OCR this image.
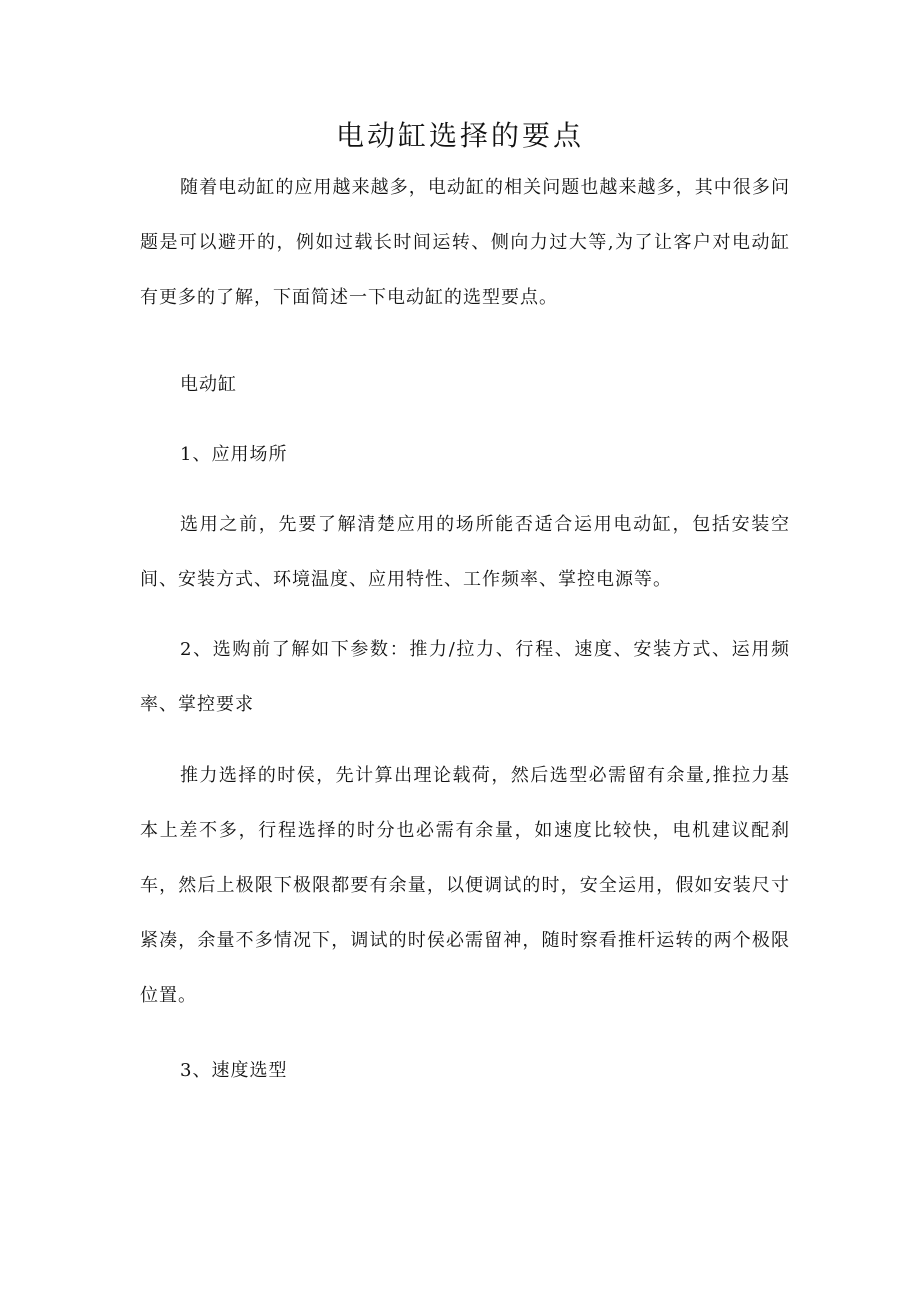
电动缸选择的要点

随着电动缸的应用越来越多，电动缸的相关问题也越来越多，其中很多问题是可以避开的，例如过载长时间运转、侧向力过大等,为了让客户对电动缸有更多的了解，下面简述一下电动缸的选型要点。

电动缸

1、应用场所

选用之前，先要了解清楚应用的场所能否适合运用电动缸，包括安装空间、安装方式、环境温度、应用特性、工作频率、掌控电源等。

2、选购前了解如下参数：推力/拉力、行程、速度、安装方式、运用频率、掌控要求

推力选择的时侯，先计算出理论载荷，然后选型必需留有余量,推拉力基本上差不多，行程选择的时分也必需有余量，如速度比较快，电机建议配刹车，然后上极限下极限都要有余量，以便调试的时，安全运用，假如安装尺寸紧凑，余量不多情况下，调试的时侯必需留神，随时察看推杆运转的两个极限位置。

3、速度选型
